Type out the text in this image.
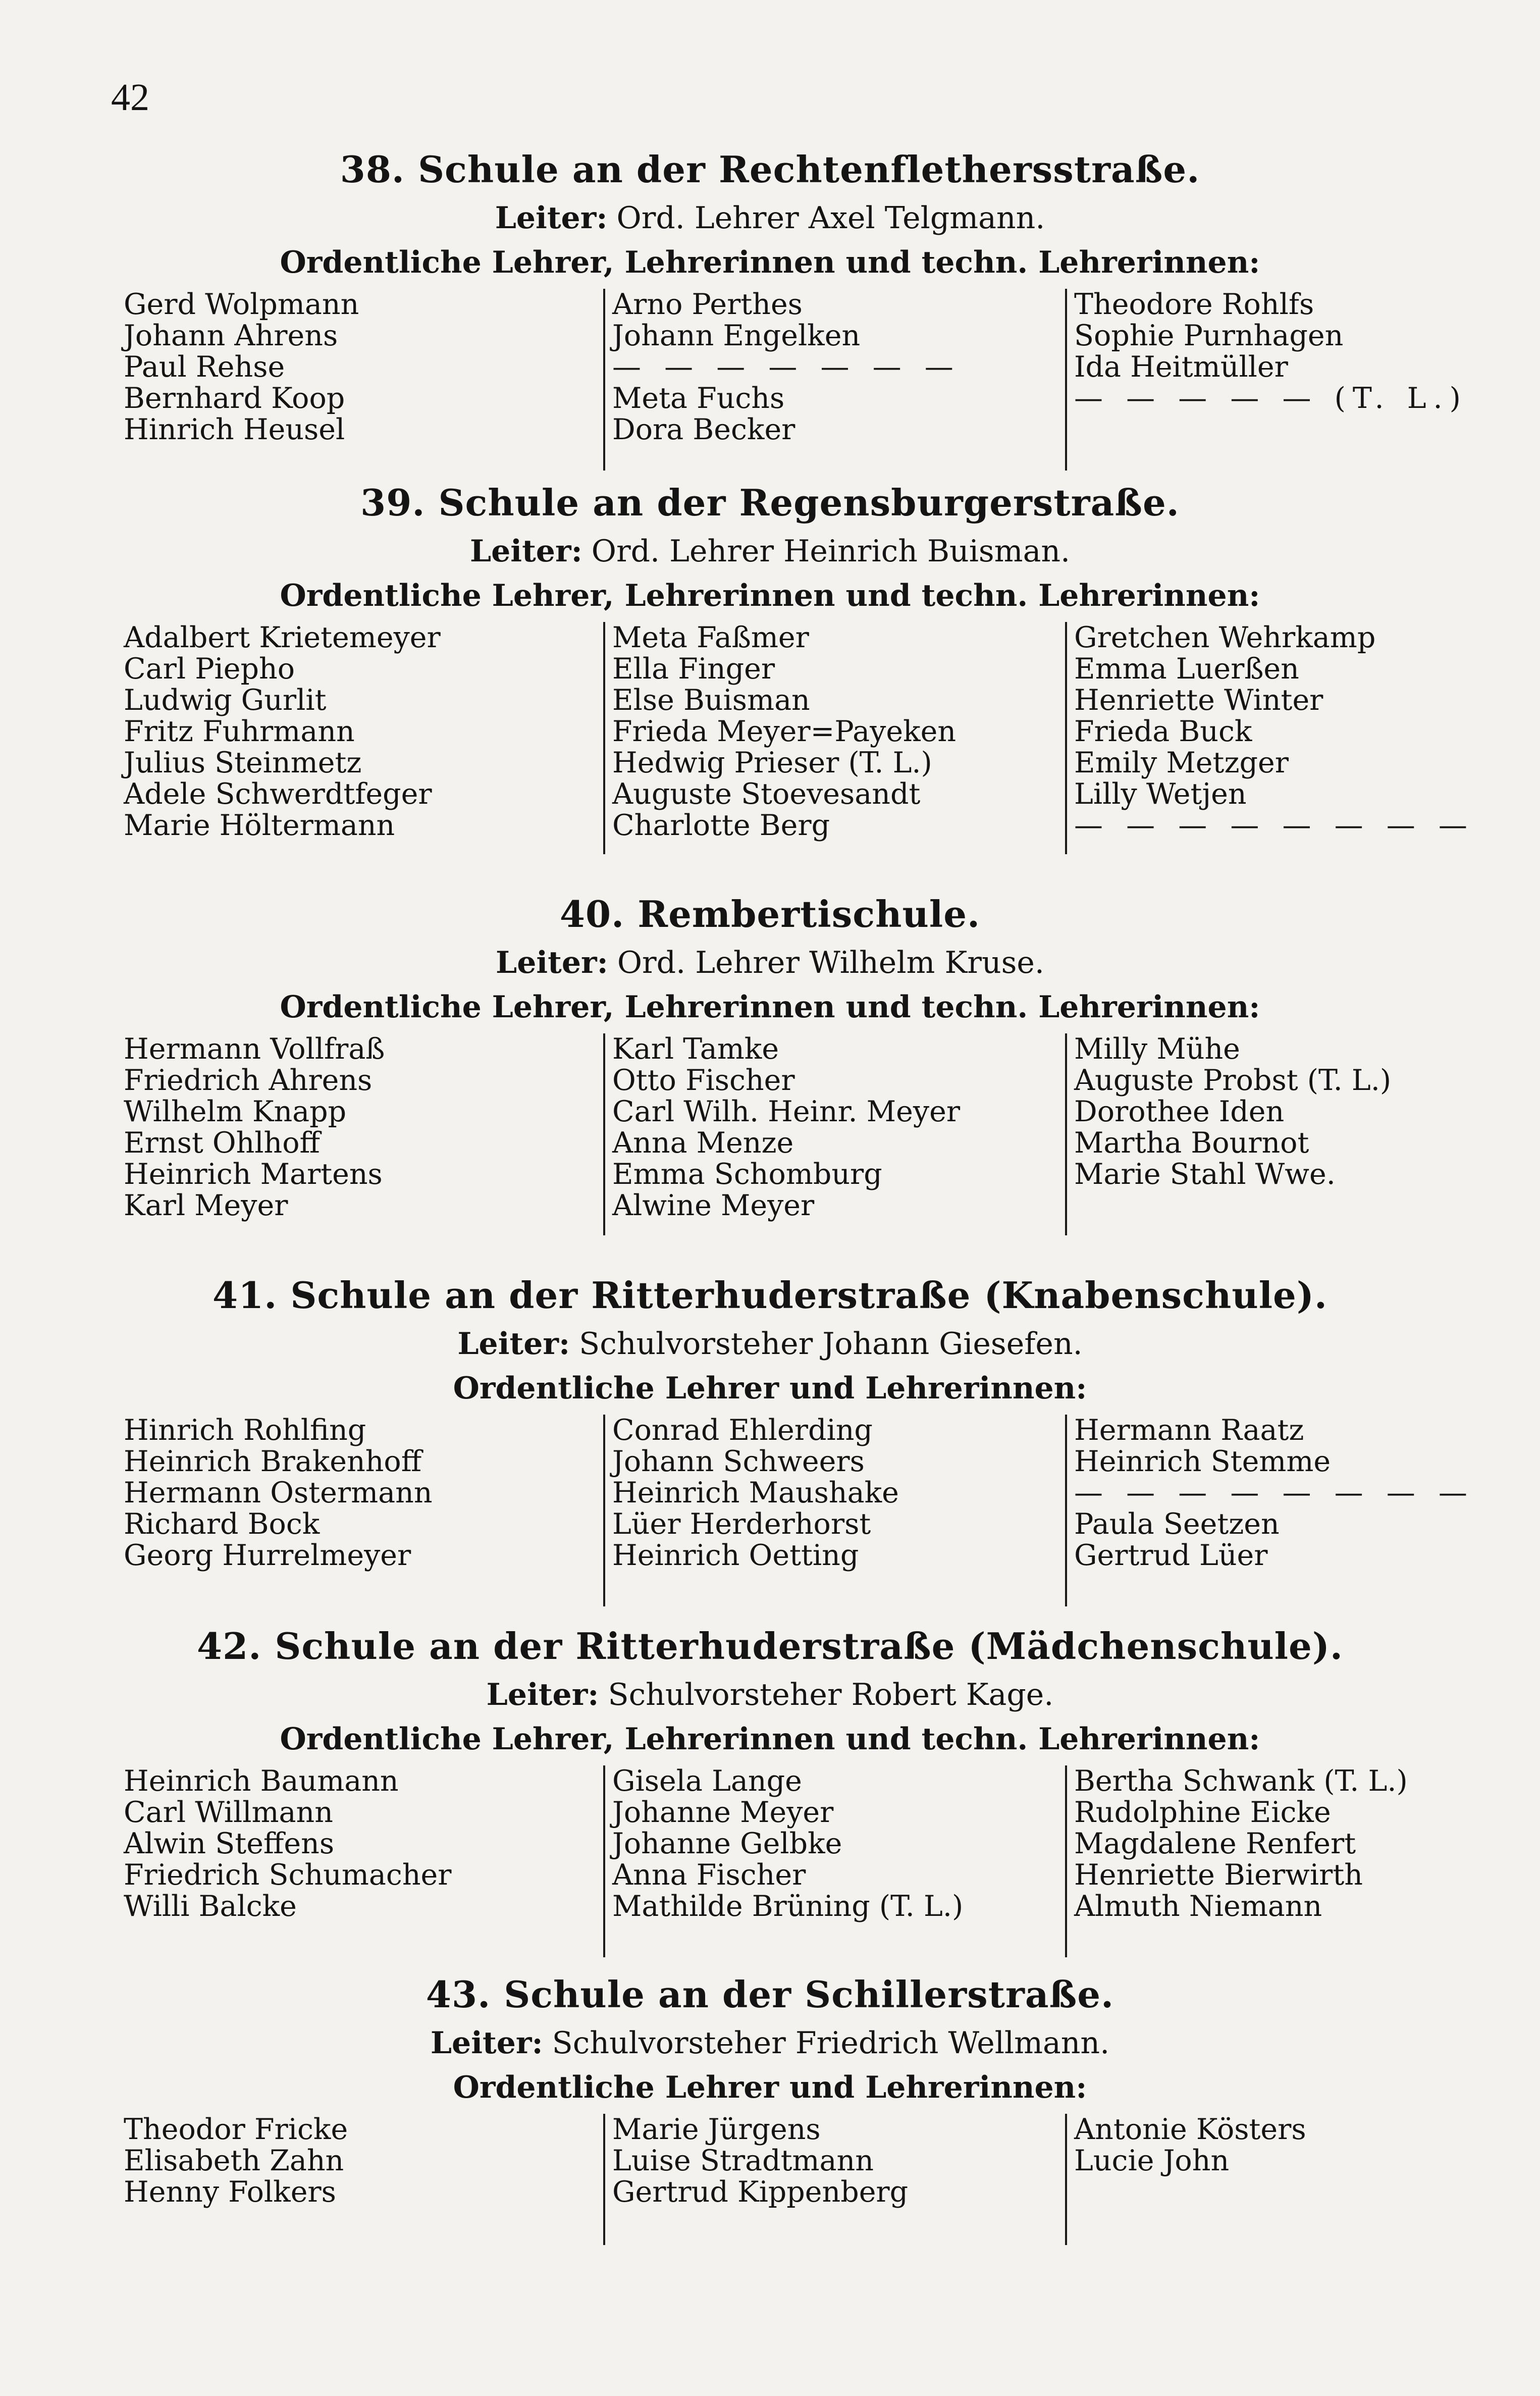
42
38. Schule an der Rechtenflethersstraße.
Leiter: Ord. Lehrer Axel Telgmann.
Ordentliche Lehrer, Lehrerinnen und techn. Lehrerinnen:
Gerd Wolpmann
Johann Ahrens
Paul Rehse
Bernhard Koop
Hinrich Heusel
Arno Perthes
Johann Engelken
— — — — — — —
Meta Fuchs
Dora Becker
Theodore Rohlfs
Sophie Purnhagen
Ida Heitmüller
— — — — — (T. L.)
39. Schule an der Regensburgerstraße.
Leiter: Ord. Lehrer Heinrich Buisman.
Ordentliche Lehrer, Lehrerinnen und techn. Lehrerinnen:
Adalbert Krietemeyer
Carl Piepho
Ludwig Gurlit
Fritz Fuhrmann
Julius Steinmetz
Adele Schwerdtfeger
Marie Höltermann
Meta Faßmer
Ella Finger
Else Buisman
Frieda Meyer=Payeken
Hedwig Prieser (T. L.)
Auguste Stoevesandt
Charlotte Berg
Gretchen Wehrkamp
Emma Luerßen
Henriette Winter
Frieda Buck
Emily Metzger
Lilly Wetjen
— — — — — — — —
40. Rembertischule.
Leiter: Ord. Lehrer Wilhelm Kruse.
Ordentliche Lehrer, Lehrerinnen und techn. Lehrerinnen:
Hermann Vollfraß
Friedrich Ahrens
Wilhelm Knapp
Ernst Ohlhoff
Heinrich Martens
Karl Meyer
Karl Tamke
Otto Fischer
Carl Wilh. Heinr. Meyer
Anna Menze
Emma Schomburg
Alwine Meyer
Milly Mühe
Auguste Probst (T. L.)
Dorothee Iden
Martha Bournot
Marie Stahl Wwe.
41. Schule an der Ritterhuderstraße (Knabenschule).
Leiter: Schulvorsteher Johann Giesefen.
Ordentliche Lehrer und Lehrerinnen:
Hinrich Rohlfing
Heinrich Brakenhoff
Hermann Ostermann
Richard Bock
Georg Hurrelmeyer
Conrad Ehlerding
Johann Schweers
Heinrich Maushake
Lüer Herderhorst
Heinrich Oetting
Hermann Raatz
Heinrich Stemme
— — — — — — — —
Paula Seetzen
Gertrud Lüer
42. Schule an der Ritterhuderstraße (Mädchenschule).
Leiter: Schulvorsteher Robert Kage.
Ordentliche Lehrer, Lehrerinnen und techn. Lehrerinnen:
Heinrich Baumann
Carl Willmann
Alwin Steffens
Friedrich Schumacher
Willi Balcke
Gisela Lange
Johanne Meyer
Johanne Gelbke
Anna Fischer
Mathilde Brüning (T. L.)
Bertha Schwank (T. L.)
Rudolphine Eicke
Magdalene Renfert
Henriette Bierwirth
Almuth Niemann
43. Schule an der Schillerstraße.
Leiter: Schulvorsteher Friedrich Wellmann.
Ordentliche Lehrer und Lehrerinnen:
Theodor Fricke
Elisabeth Zahn
Henny Folkers
Marie Jürgens
Luise Stradtmann
Gertrud Kippenberg
Antonie Kösters
Lucie John
